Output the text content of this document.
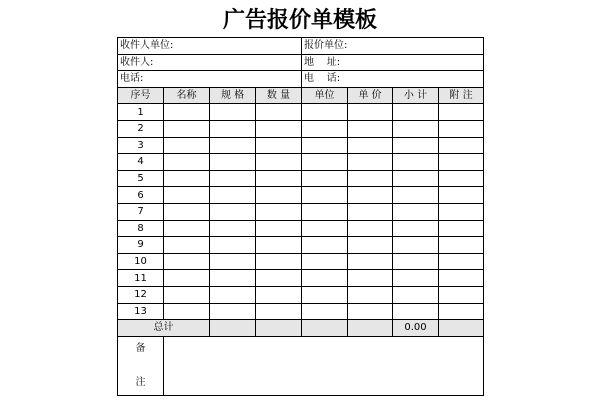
广告报价单模板
收件人单位:				报价单位:			
收件人:				地    址:			
电话:				电    话:			
序号	名称	规 格	数 量	单位	单 价	小 计	附 注
1							
2							
3							
4							
5							
6							
7							
8							
9							
10							
11							
12							
13							
总计						0.00	

备
注							
